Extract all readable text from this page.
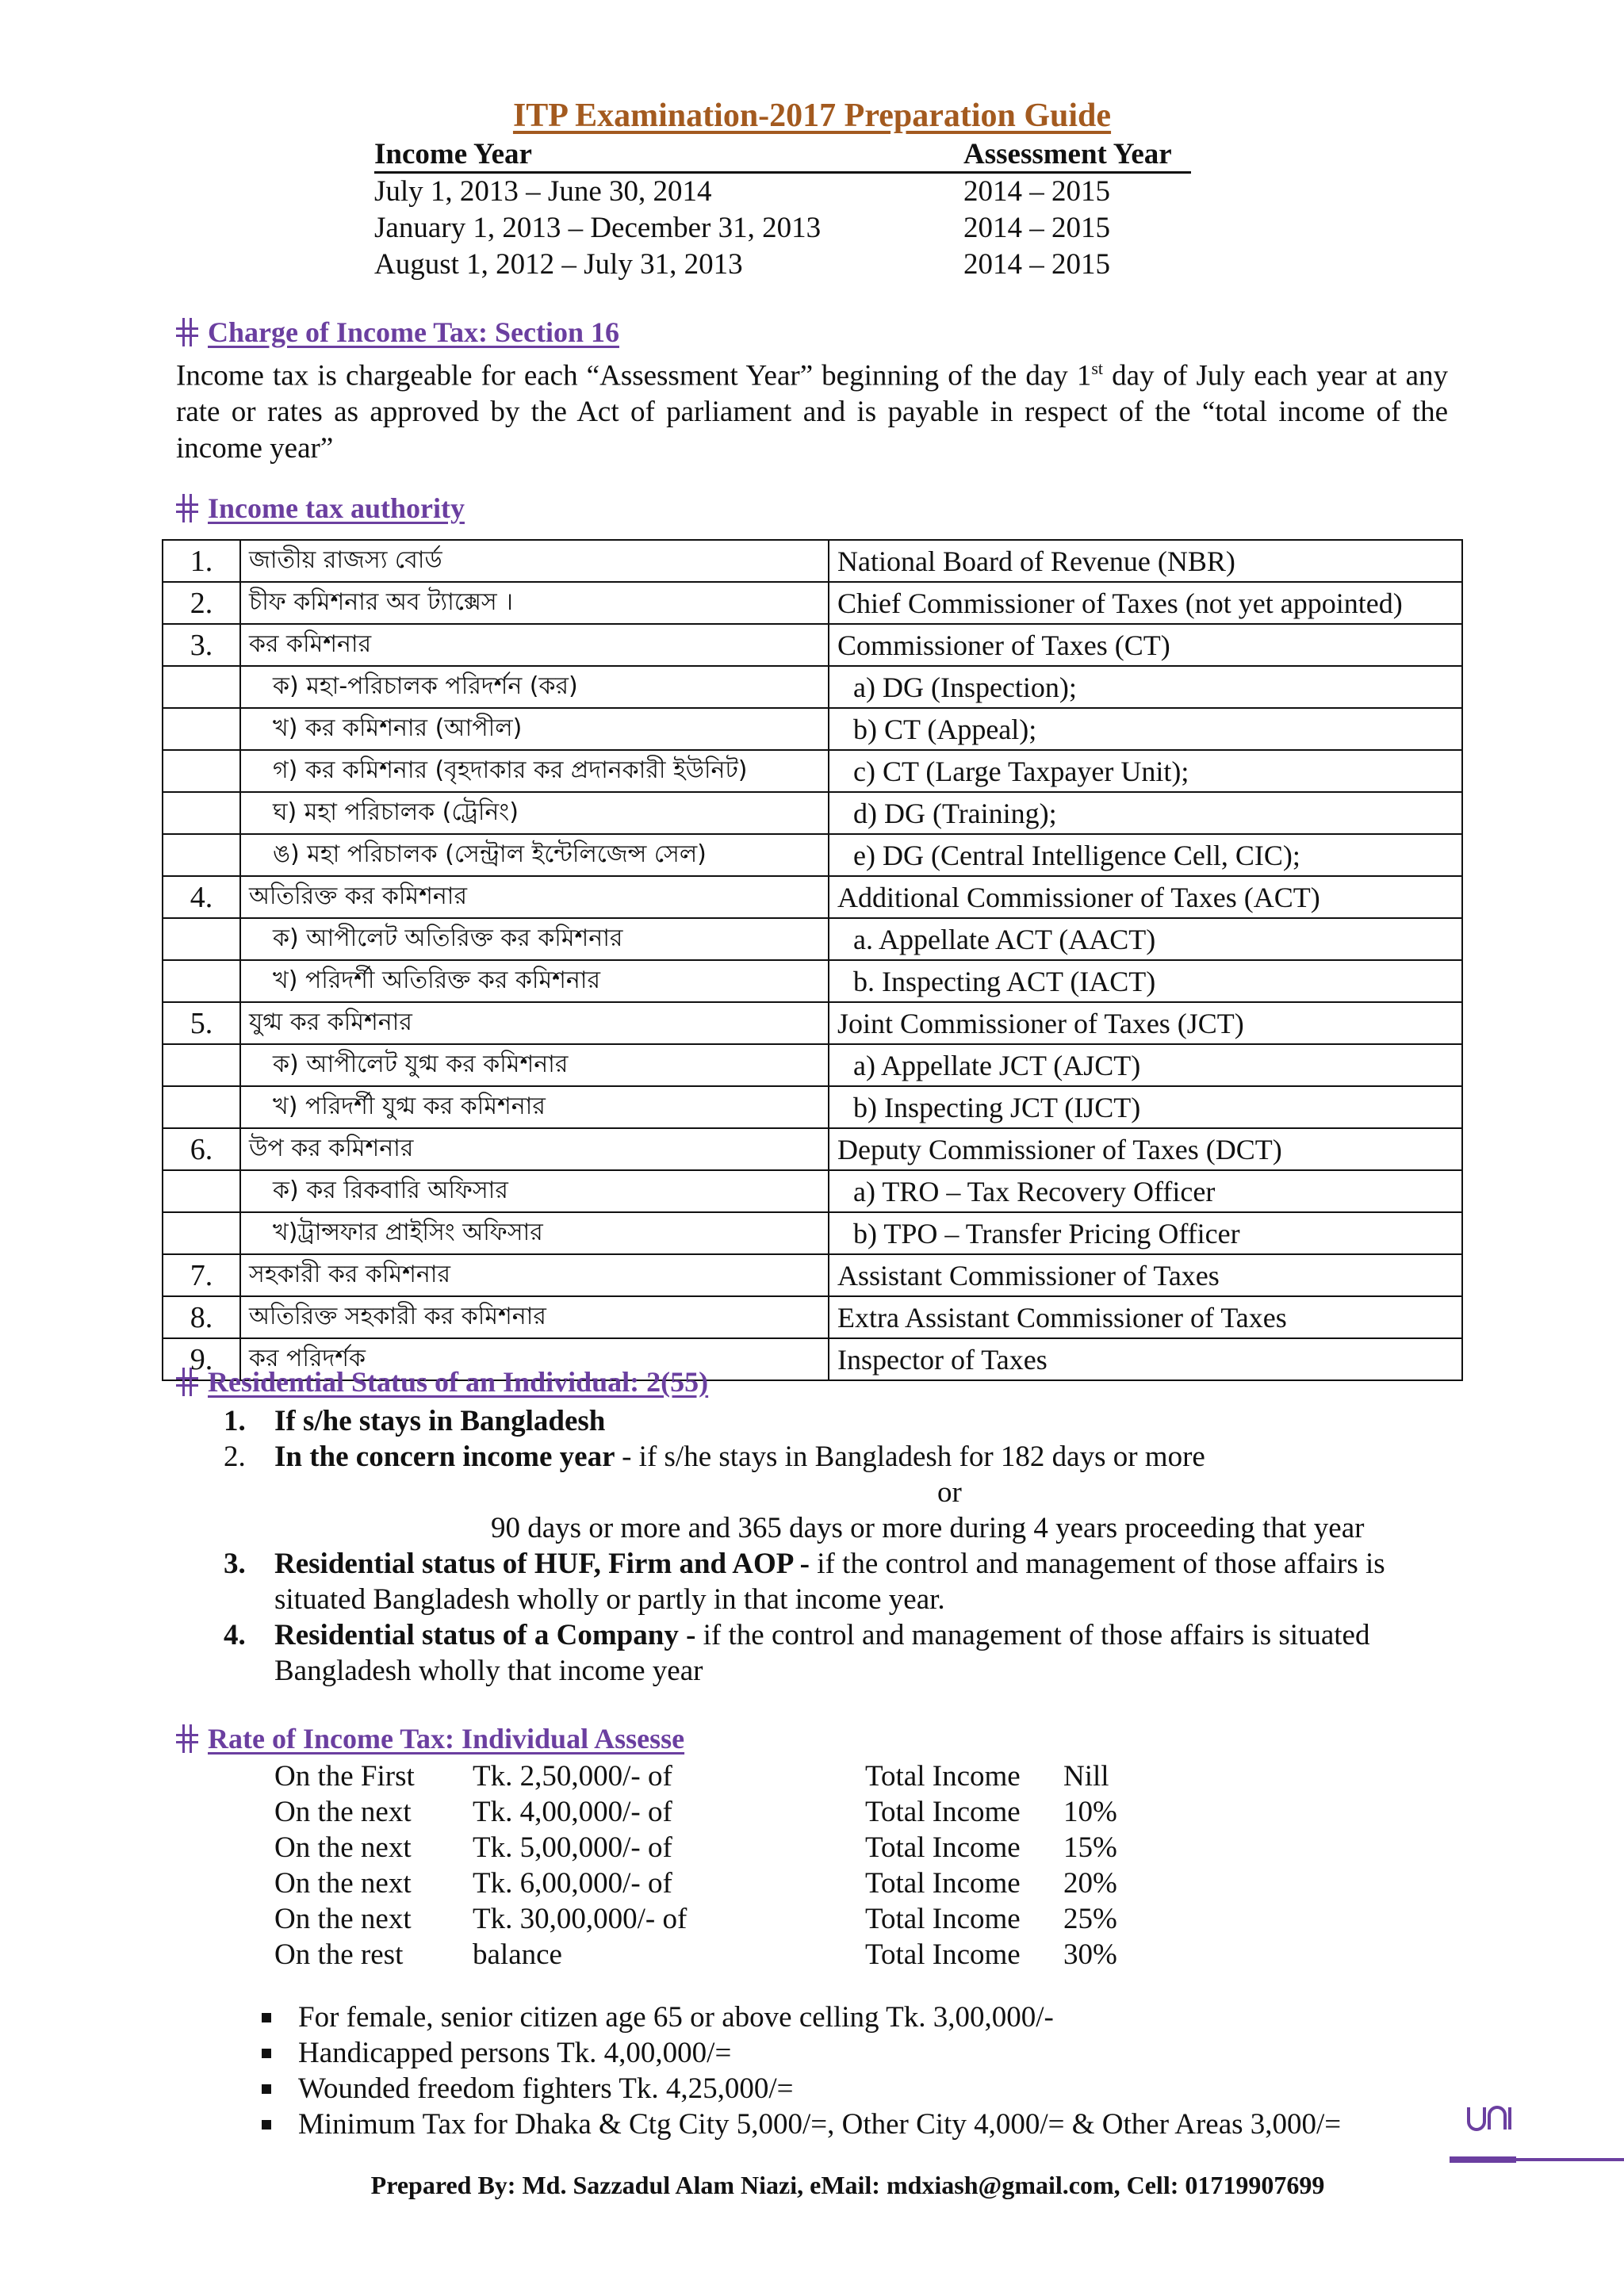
ITP Examination-2017 Preparation Guide
Income Year	Assessment Year
July 1, 2013 – June 30, 2014	2014 – 2015
January 1, 2013 – December 31, 2013	2014 – 2015
August 1, 2012 – July 31, 2013	2014 – 2015
Charge of Income Tax: Section 16
Income tax is chargeable for each “Assessment Year” beginning of the day 1st day of July each year at any rate or rates as approved by the Act of parliament and is payable in respect of the “total income of the income year”
Income tax authority
1.	জাতীয় রাজস্য বোর্ড	National Board of Revenue (NBR)
2.	চীফ কমিশনার অব ট্যাক্সেস ।	Chief Commissioner of Taxes (not yet appointed)
3.	কর কমিশনার	Commissioner of Taxes (CT)
	ক) মহা-পরিচালক পরিদর্শন (কর)	a) DG (Inspection);
	খ) কর কমিশনার (আপীল)	b) CT (Appeal);
	গ) কর কমিশনার (বৃহদাকার কর প্রদানকারী ইউনিট)	c) CT (Large Taxpayer Unit);
	ঘ) মহা পরিচালক (ট্রেনিং)	d) DG (Training);
	ঙ) মহা পরিচালক (সেন্ট্রাল ইন্টেলিজেন্স সেল)	e) DG (Central Intelligence Cell, CIC);
4.	অতিরিক্ত কর কমিশনার	Additional Commissioner of Taxes (ACT)
	ক) আপীলেট অতিরিক্ত কর কমিশনার	a. Appellate ACT (AACT)
	খ) পরিদর্শী অতিরিক্ত কর কমিশনার	b. Inspecting ACT (IACT)
5.	যুগ্ম কর কমিশনার	Joint Commissioner of Taxes (JCT)
	ক) আপীলেট যুগ্ম কর কমিশনার	a) Appellate JCT (AJCT)
	খ) পরিদর্শী যুগ্ম কর কমিশনার	b) Inspecting JCT (IJCT)
6.	উপ কর কমিশনার	Deputy Commissioner of Taxes (DCT)
	ক) কর রিকবারি অফিসার	a) TRO – Tax Recovery Officer
	খ)ট্রান্সফার প্রাইসিং অফিসার	b) TPO – Transfer Pricing Officer
7.	সহকারী কর কমিশনার	Assistant Commissioner of Taxes
8.	অতিরিক্ত সহকারী কর কমিশনার	Extra Assistant Commissioner of Taxes
9.	কর পরিদর্শক	Inspector of Taxes
Residential Status of an Individual: 2(55)
1. If s/he stays in Bangladesh
2. In the concern income year - if s/he stays in Bangladesh for 182 days or more
or
90 days or more and 365 days or more during 4 years proceeding that year
3. Residential status of HUF, Firm and AOP - if the control and management of those affairs is situated Bangladesh wholly or partly in that income year.
4. Residential status of a Company - if the control and management of those affairs is situated Bangladesh wholly that income year
Rate of Income Tax: Individual Assesse
On the First	Tk. 2,50,000/- of	Total Income	Nill
On the next	Tk. 4,00,000/- of	Total Income	10%
On the next	Tk. 5,00,000/- of	Total Income	15%
On the next	Tk. 6,00,000/- of	Total Income	20%
On the next	Tk. 30,00,000/- of	Total Income	25%
On the rest	balance	Total Income	30%
For female, senior citizen age 65 or above celling Tk. 3,00,000/-
Handicapped persons Tk. 4,00,000/=
Wounded freedom fighters Tk. 4,25,000/=
Minimum Tax for Dhaka & Ctg City 5,000/=, Other City 4,000/= & Other Areas 3,000/=
Prepared By: Md. Sazzadul Alam Niazi, eMail: mdxiash@gmail.com, Cell: 01719907699
